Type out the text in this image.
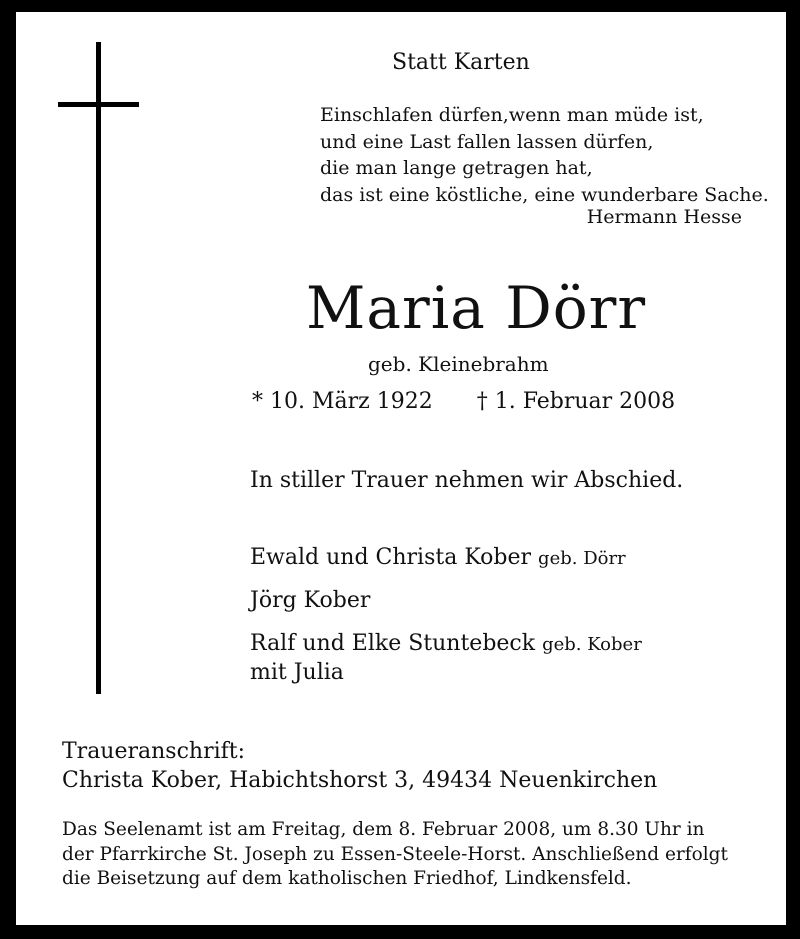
Statt Karten
Einschlafen dürfen,wenn man müde ist,
und eine Last fallen lassen dürfen,
die man lange getragen hat,
das ist eine köstliche, eine wunderbare Sache.
Hermann Hesse
Maria Dörr
geb. Kleinebrahm
* 10. März 1922 † 1. Februar 2008
In stiller Trauer nehmen wir Abschied.
Ewald und Christa Kober geb. Dörr
Jörg Kober
Ralf und Elke Stuntebeck geb. Kober
mit Julia
Traueranschrift:
Christa Kober, Habichtshorst 3, 49434 Neuenkirchen
Das Seelenamt ist am Freitag, dem 8. Februar 2008, um 8.30 Uhr in
der Pfarrkirche St. Joseph zu Essen-Steele-Horst. Anschließend erfolgt
die Beisetzung auf dem katholischen Friedhof, Lindkensfeld.
